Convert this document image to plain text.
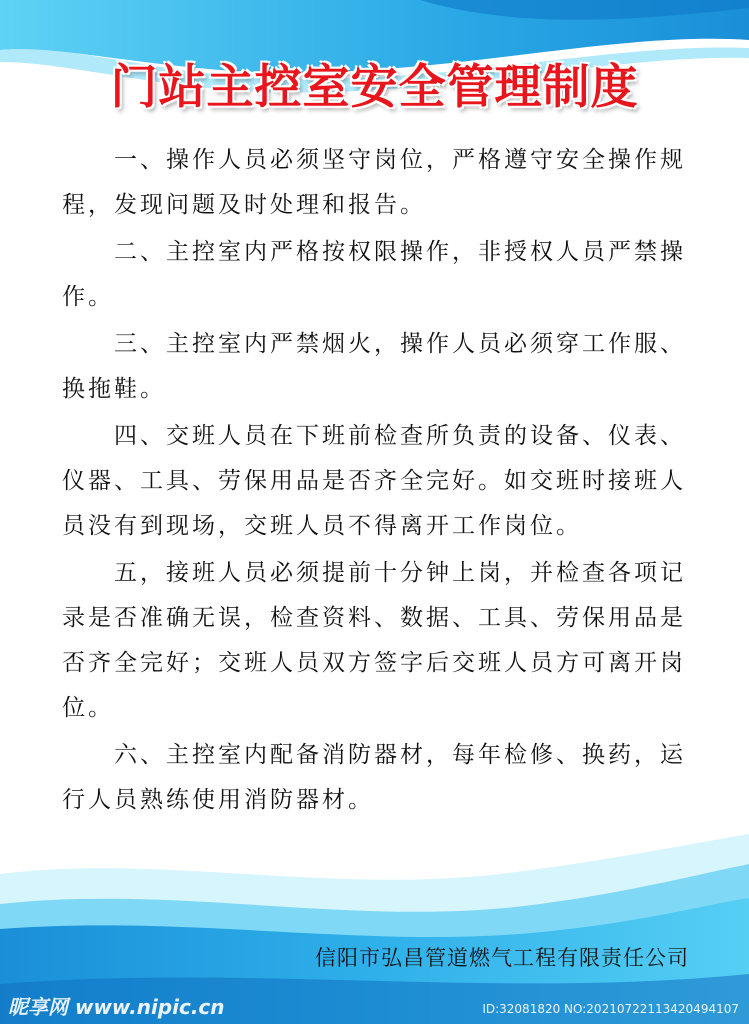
门站主控室安全管理制度

一、操作人员必须坚守岗位，严格遵守安全操作规程，发现问题及时处理和报告。

二、主控室内严格按权限操作，非授权人员严禁操作。

三、主控室内严禁烟火，操作人员必须穿工作服、换拖鞋。

四、交班人员在下班前检查所负责的设备、仪表、仪器、工具、劳保用品是否齐全完好。如交班时接班人员没有到现场，交班人员不得离开工作岗位。

五，接班人员必须提前十分钟上岗，并检查各项记录是否准确无误，检查资料、数据、工具、劳保用品是否齐全完好；交班人员双方签字后交班人员方可离开岗位。

六、主控室内配备消防器材，每年检修、换药，运行人员熟练使用消防器材。

信阳市弘昌管道燃气工程有限责任公司
昵享网 www.nipic.cn	ID:32081820 NO:20210722113420494107
